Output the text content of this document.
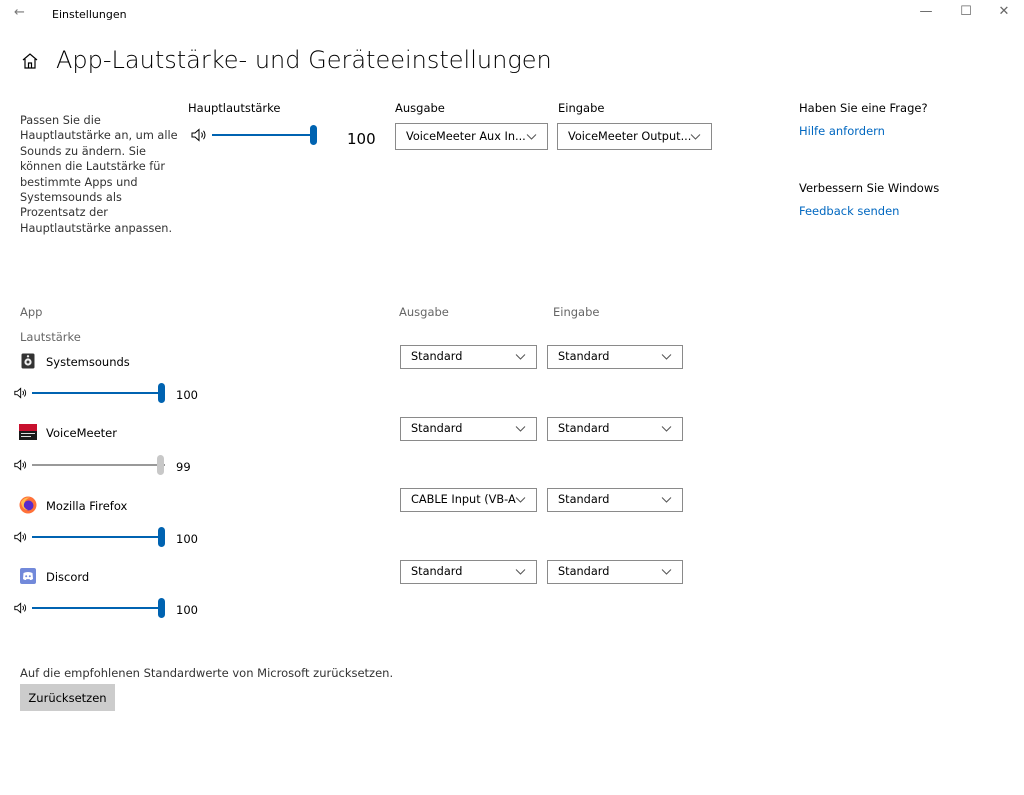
← Einstellungen	—	☐	✕
App-Lautstärke- und Geräteeinstellungen
Passen Sie die Hauptlautstärke an, um alle Sounds zu ändern. Sie können die Lautstärke für bestimmte Apps und Systemsounds als Prozentsatz der Hauptlautstärke anpassen.
Hauptlautstärke
100
Ausgabe
VoiceMeeter Aux In...
Eingabe
VoiceMeeter Output...
Haben Sie eine Frage?
Hilfe anfordern
Verbessern Sie Windows
Feedback senden
App
Lautstärke
Ausgabe	Eingabe
Systemsounds
100
Standard	Standard
VoiceMeeter
99
Standard	Standard
Mozilla Firefox
100
CABLE Input (VB-A	Standard
Discord
100
Standard	Standard
Auf die empfohlenen Standardwerte von Microsoft zurücksetzen.
Zurücksetzen
